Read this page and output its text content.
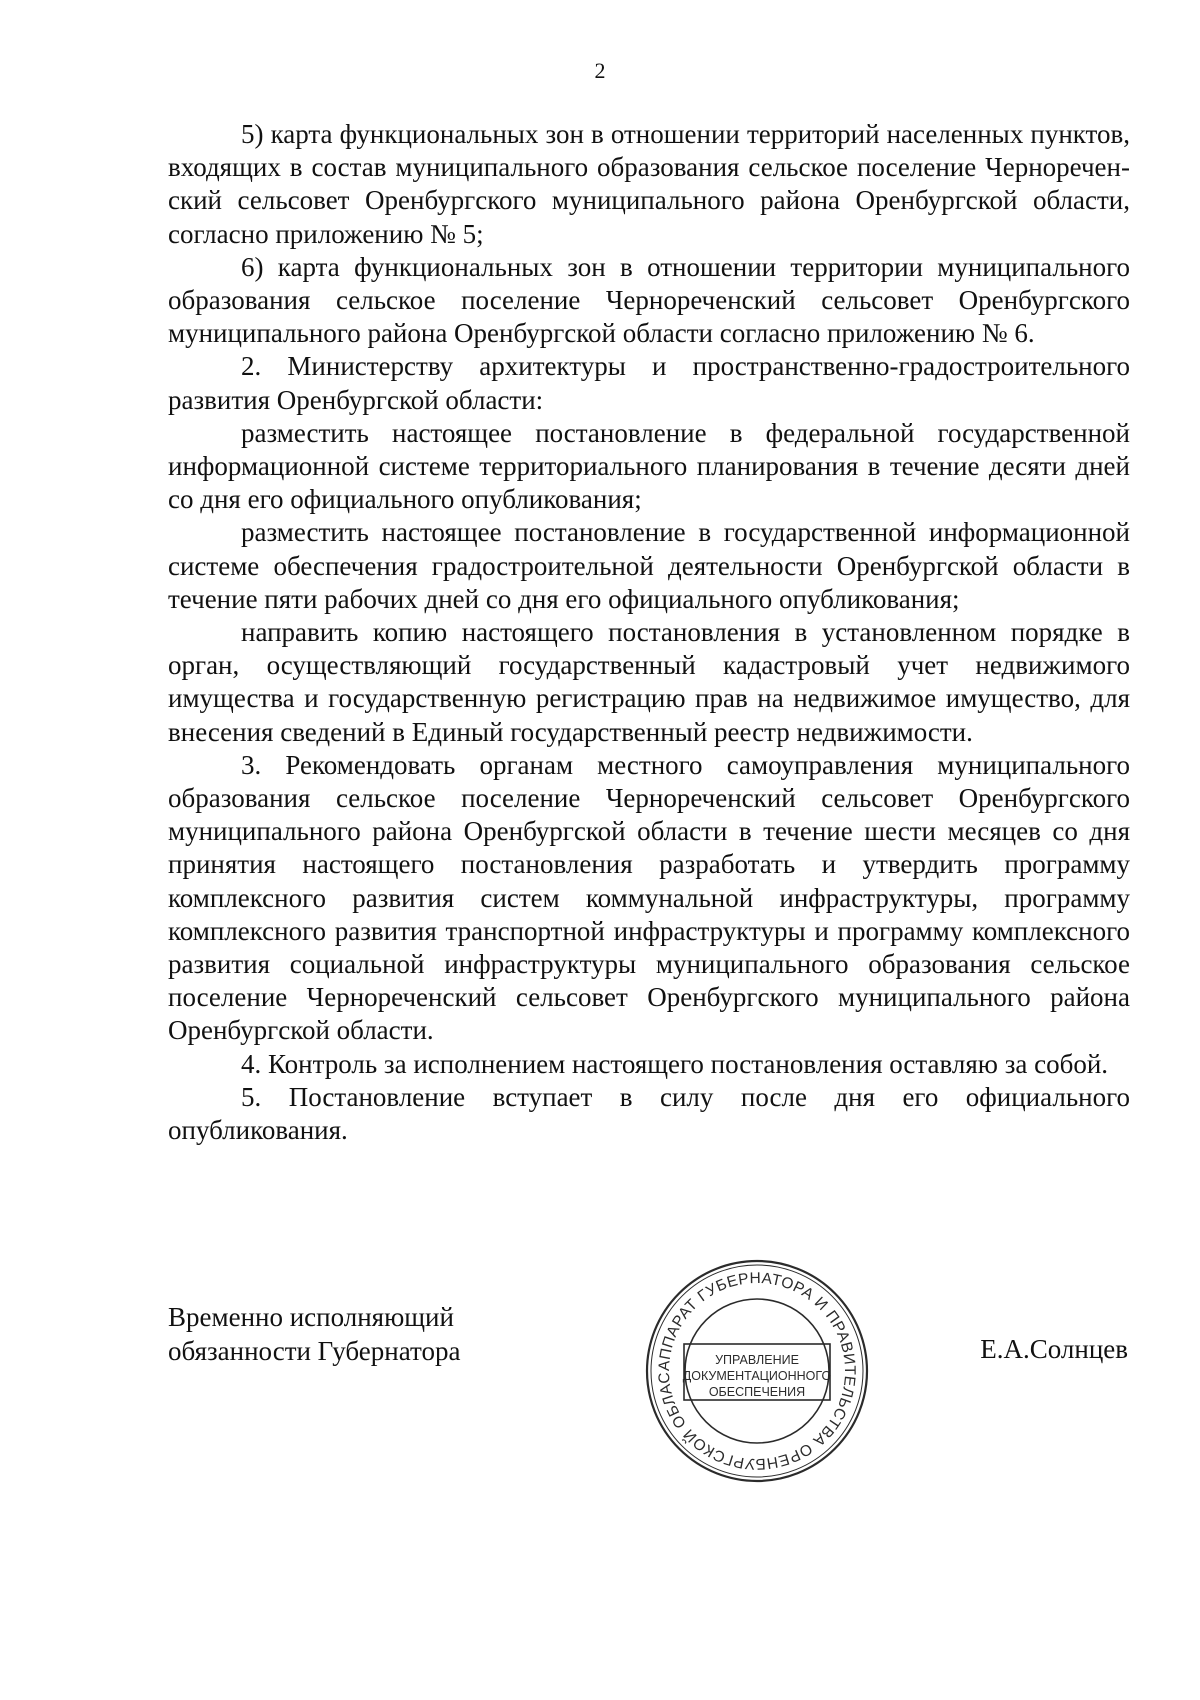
2

5) карта функциональных зон в отношении территорий населенных пунктов, входящих в состав муниципального образования сельское поселение Чернореченский сельсовет Оренбургского муниципального района Оренбургской области, согласно приложению № 5;

6) карта функциональных зон в отношении территории муниципального образования сельское поселение Чернореченский сельсовет Оренбургского муниципального района Оренбургской области согласно приложению № 6.

2. Министерству архитектуры и пространственно-градостроительного развития Оренбургской области:

разместить настоящее постановление в федеральной государственной информационной системе территориального планирования в течение десяти дней со дня его официального опубликования;

разместить настоящее постановление в государственной информационной системе обеспечения градостроительной деятельности Оренбургской области в течение пяти рабочих дней со дня его официального опубликования;

направить копию настоящего постановления в установленном порядке в орган, осуществляющий государственный кадастровый учет недвижимого имущества и государственную регистрацию прав на недвижимое имущество, для внесения сведений в Единый государственный реестр недвижимости.

3. Рекомендовать органам местного самоуправления муниципального образования сельское поселение Чернореченский сельсовет Оренбургского муниципального района Оренбургской области в течение шести месяцев со дня принятия настоящего постановления разработать и утвердить программу комплексного развития систем коммунальной инфраструктуры, программу комплексного развития транспортной инфраструктуры и программу комплексного развития социальной инфраструктуры муниципального образования сельское поселение Чернореченский сельсовет Оренбургского муниципального района Оренбургской области.

4. Контроль за исполнением настоящего постановления оставляю за собой.

5. Постановление вступает в силу после дня его официального опубликования.

Временно исполняющий
обязанности Губернатора	АППАРАТ ГУБЕРНАТОРА И ПРАВИТЕЛЬСТВА ОРЕНБУРГСКОЙ ОБЛАС
УПРАВЛЕНИЕ
ДОКУМЕНТАЦИОННОГО
ОБЕСПЕЧЕНИЯ
Е.А.Солнцев
